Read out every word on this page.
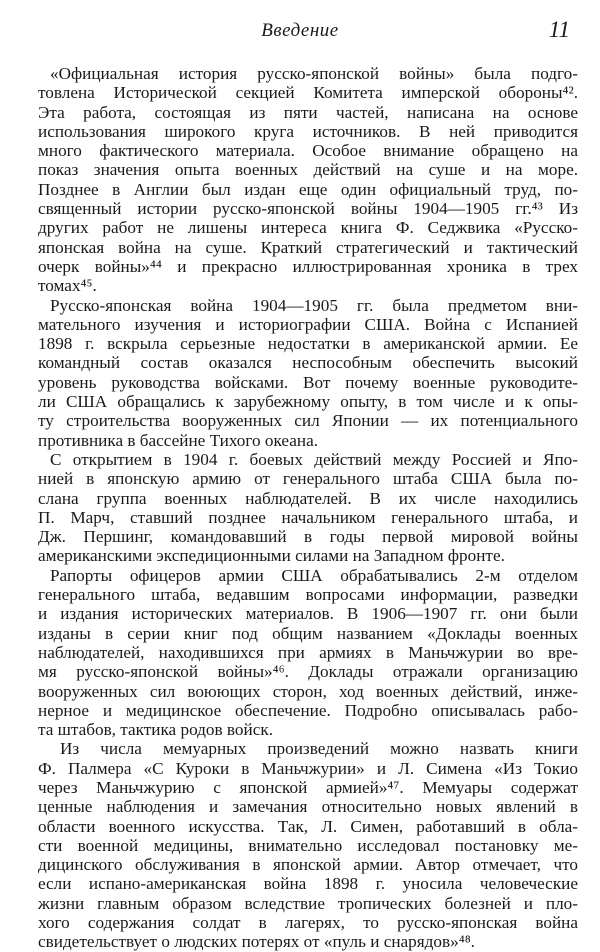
Введение	11
«Официальная история русско-японской войны» была подго-
товлена Исторической секцией Комитета имперской обороны⁴².
Эта работа, состоящая из пяти частей, написана на основе
использования широкого круга источников. В ней приводится
много фактического материала. Особое внимание обращено на
показ значения опыта военных действий на суше и на море.
Позднее в Англии был издан еще один официальный труд, по-
священный истории русско-японской войны 1904—1905 гг.⁴³ Из
других работ не лишены интереса книга Ф. Седжвика «Русско-
японская война на суше. Краткий стратегический и тактический
очерк войны»⁴⁴ и прекрасно иллюстрированная хроника в трех
томах⁴⁵.
Русско-японская война 1904—1905 гг. была предметом вни-
мательного изучения и историографии США. Война с Испанией
1898 г. вскрыла серьезные недостатки в американской армии. Ее
командный состав оказался неспособным обеспечить высокий
уровень руководства войсками. Вот почему военные руководите-
ли США обращались к зарубежному опыту, в том числе и к опы-
ту строительства вооруженных сил Японии — их потенциального
противника в бассейне Тихого океана.
С открытием в 1904 г. боевых действий между Россией и Япо-
нией в японскую армию от генерального штаба США была по-
слана группа военных наблюдателей. В их числе находились
П. Марч, ставший позднее начальником генерального штаба, и
Дж. Першинг, командовавший в годы первой мировой войны
американскими экспедиционными силами на Западном фронте.
Рапорты офицеров армии США обрабатывались 2-м отделом
генерального штаба, ведавшим вопросами информации, разведки
и издания исторических материалов. В 1906—1907 гг. они были
изданы в серии книг под общим названием «Доклады военных
наблюдателей, находившихся при армиях в Маньчжурии во вре-
мя русско-японской войны»⁴⁶. Доклады отражали организацию
вооруженных сил воюющих сторон, ход военных действий, инже-
нерное и медицинское обеспечение. Подробно описывалась рабо-
та штабов, тактика родов войск.
Из числа мемуарных произведений можно назвать книги
Ф. Палмера «С Куроки в Маньчжурии» и Л. Симена «Из Токио
через Маньчжурию с японской армией»⁴⁷. Мемуары содержат
ценные наблюдения и замечания относительно новых явлений в
области военного искусства. Так, Л. Симен, работавший в обла-
сти военной медицины, внимательно исследовал постановку ме-
дицинского обслуживания в японской армии. Автор отмечает, что
если испано-американская война 1898 г. уносила человеческие
жизни главным образом вследствие тропических болезней и пло-
хого содержания солдат в лагерях, то русско-японская война
свидетельствует о людских потерях от «пуль и снарядов»⁴⁸.
